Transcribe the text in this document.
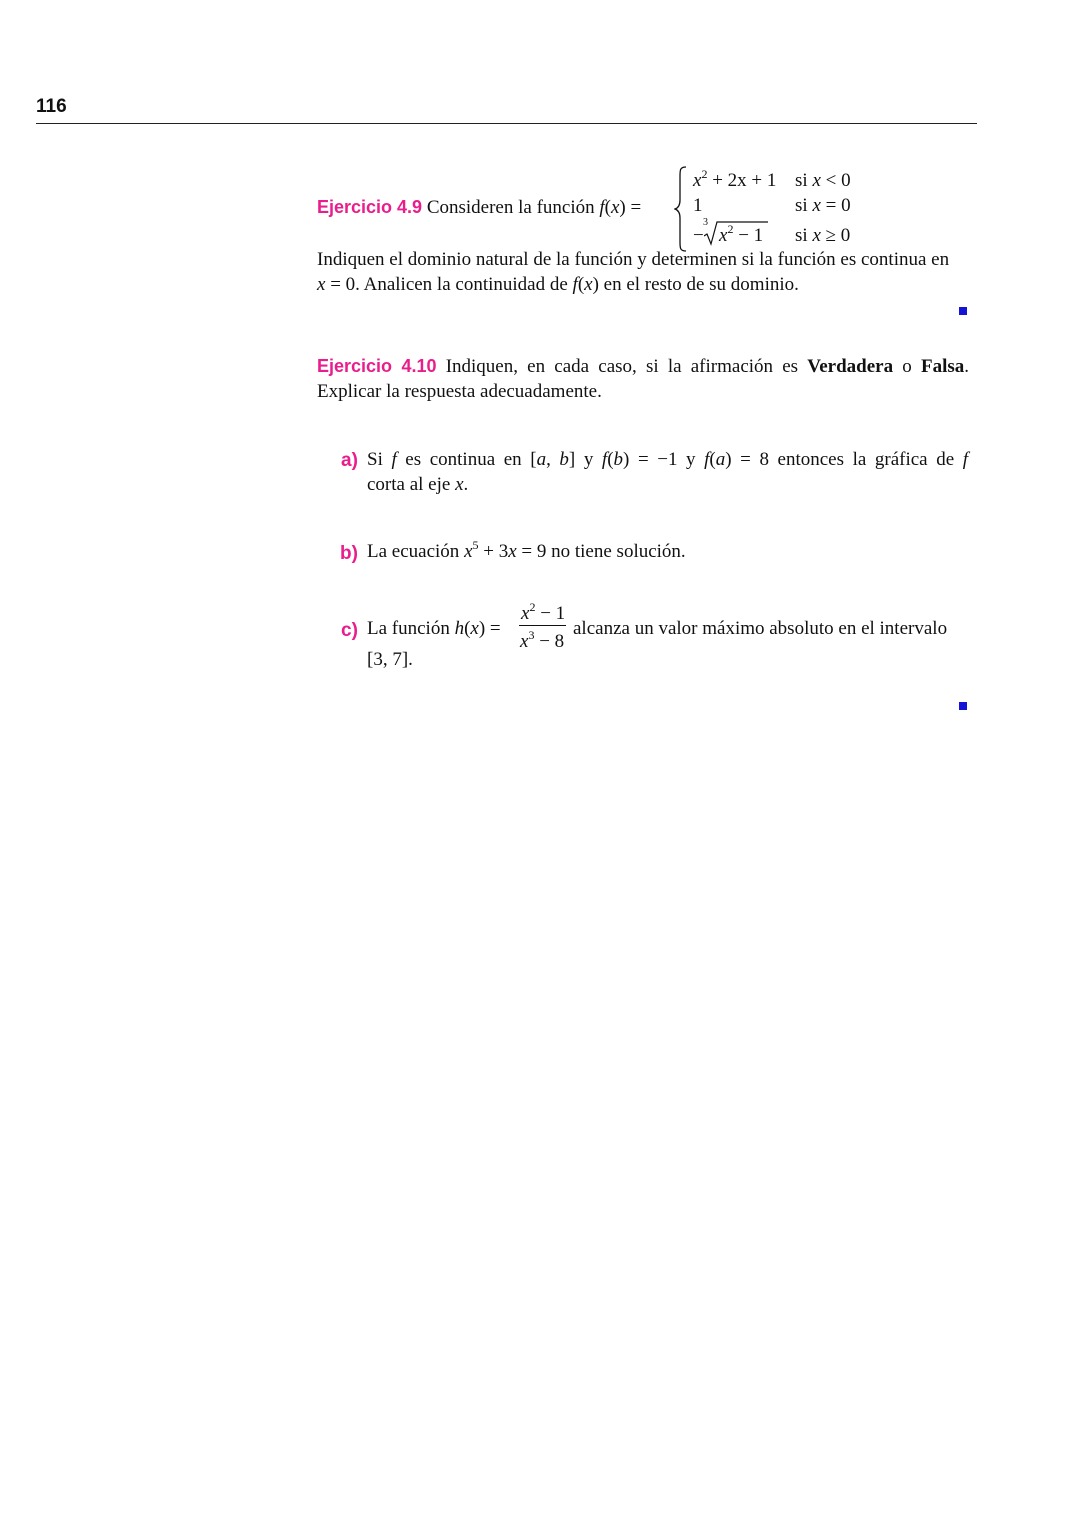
116
Ejercicio 4.9 Consideren la función f(x) =
$x^2 + 2x + 1$ si x < 0
1	si x = 0
−
3
$x^2 - 1$ si x ≥ 0
Indiquen el dominio natural de la función y determinen si la función es continua en
x = 0. Analicen la continuidad de f(x) en el resto de su dominio.
Ejercicio 4.10 Indiquen, en cada caso, si la afirmación es Verdadera o Falsa.
Explicar la respuesta adecuadamente.
a) Si f es continua en [a, b] y f(b) = −1 y f(a) = 8 entonces la gráfica de f
corta al eje x.
b) La ecuación $x^5 + 3x = 9$ no tiene solución.
c) La función h(x) =
$x^2 - 1$
$x^3 - 8$
alcanza un valor máximo absoluto en el intervalo
[3, 7].
